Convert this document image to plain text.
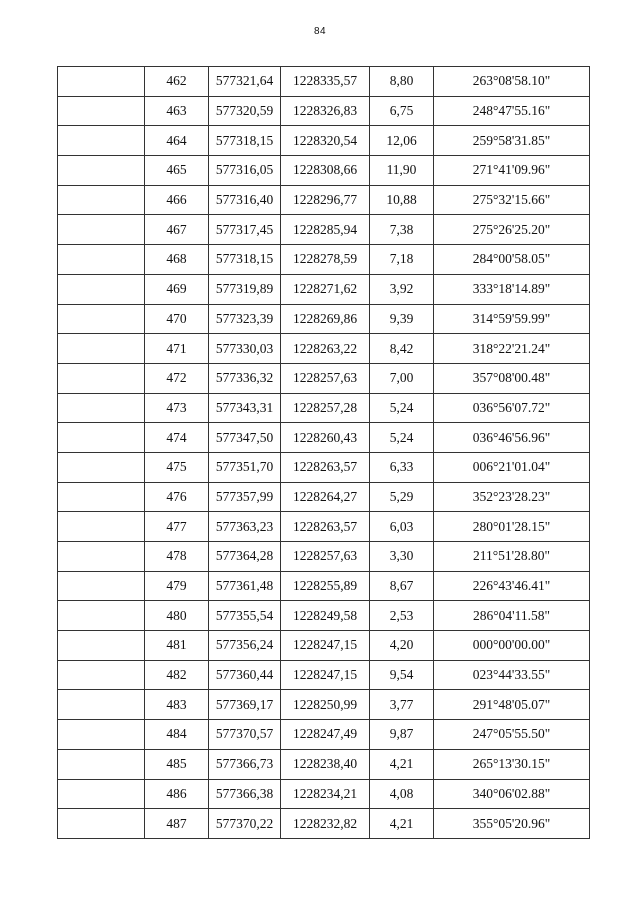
84
	462	577321,64	1228335,57	8,80	263°08'58.10"
	463	577320,59	1228326,83	6,75	248°47'55.16"
	464	577318,15	1228320,54	12,06	259°58'31.85"
	465	577316,05	1228308,66	11,90	271°41'09.96"
	466	577316,40	1228296,77	10,88	275°32'15.66"
	467	577317,45	1228285,94	7,38	275°26'25.20"
	468	577318,15	1228278,59	7,18	284°00'58.05"
	469	577319,89	1228271,62	3,92	333°18'14.89"
	470	577323,39	1228269,86	9,39	314°59'59.99"
	471	577330,03	1228263,22	8,42	318°22'21.24"
	472	577336,32	1228257,63	7,00	357°08'00.48"
	473	577343,31	1228257,28	5,24	036°56'07.72"
	474	577347,50	1228260,43	5,24	036°46'56.96"
	475	577351,70	1228263,57	6,33	006°21'01.04"
	476	577357,99	1228264,27	5,29	352°23'28.23"
	477	577363,23	1228263,57	6,03	280°01'28.15"
	478	577364,28	1228257,63	3,30	211°51'28.80"
	479	577361,48	1228255,89	8,67	226°43'46.41"
	480	577355,54	1228249,58	2,53	286°04'11.58"
	481	577356,24	1228247,15	4,20	000°00'00.00"
	482	577360,44	1228247,15	9,54	023°44'33.55"
	483	577369,17	1228250,99	3,77	291°48'05.07"
	484	577370,57	1228247,49	9,87	247°05'55.50"
	485	577366,73	1228238,40	4,21	265°13'30.15"
	486	577366,38	1228234,21	4,08	340°06'02.88"
	487	577370,22	1228232,82	4,21	355°05'20.96"
